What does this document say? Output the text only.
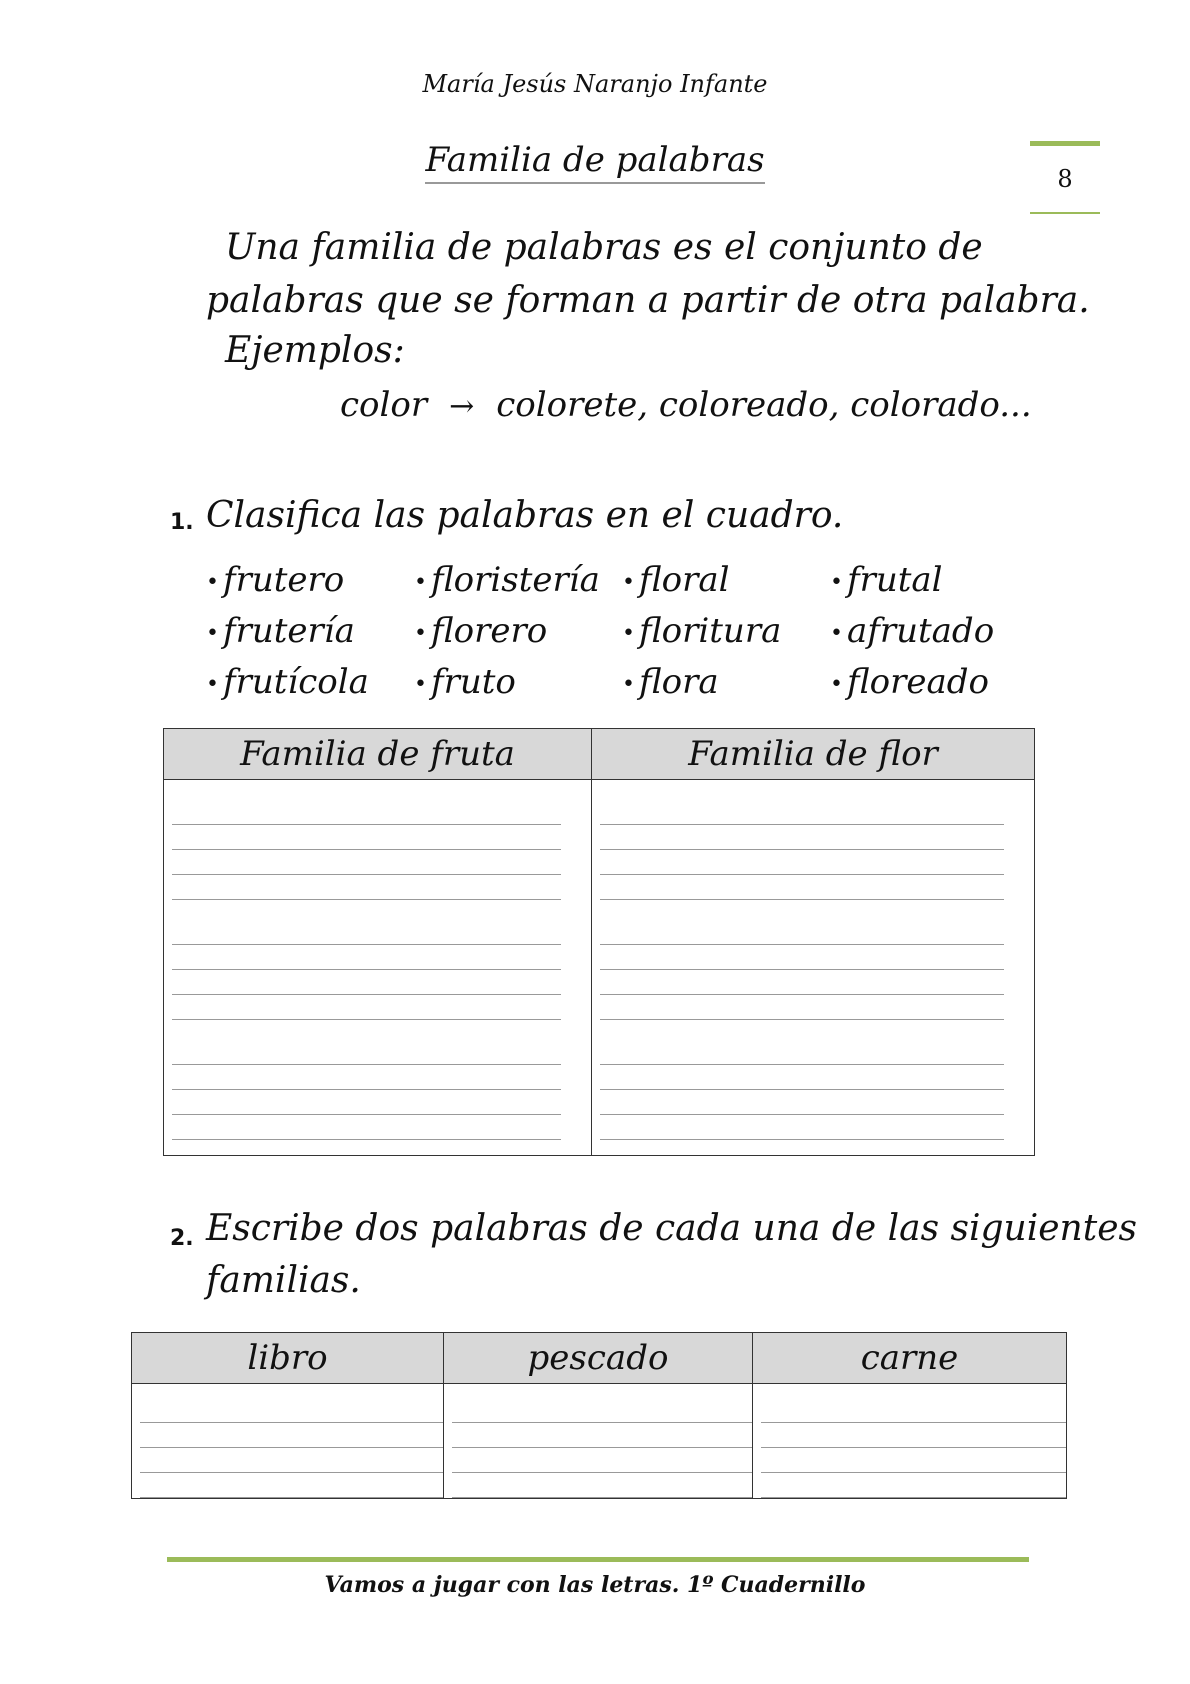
María Jesús Naranjo Infante
Familia de palabras	8
Una familia de palabras es el conjunto de
palabras que se forman a partir de otra palabra.
Ejemplos:
color → colorete, coloreado, colorado...
1. Clasifica las palabras en el cuadro.
• frutero	• floristería	• floral	• frutal
• frutería	• florero	• floritura	• afrutado
• frutícola	• fruto	• flora	• floreado
Familia de fruta	Familia de flor

2. Escribe dos palabras de cada una de las siguientes
familias.
libro	pescado	carne

Vamos a jugar con las letras. 1º Cuadernillo
